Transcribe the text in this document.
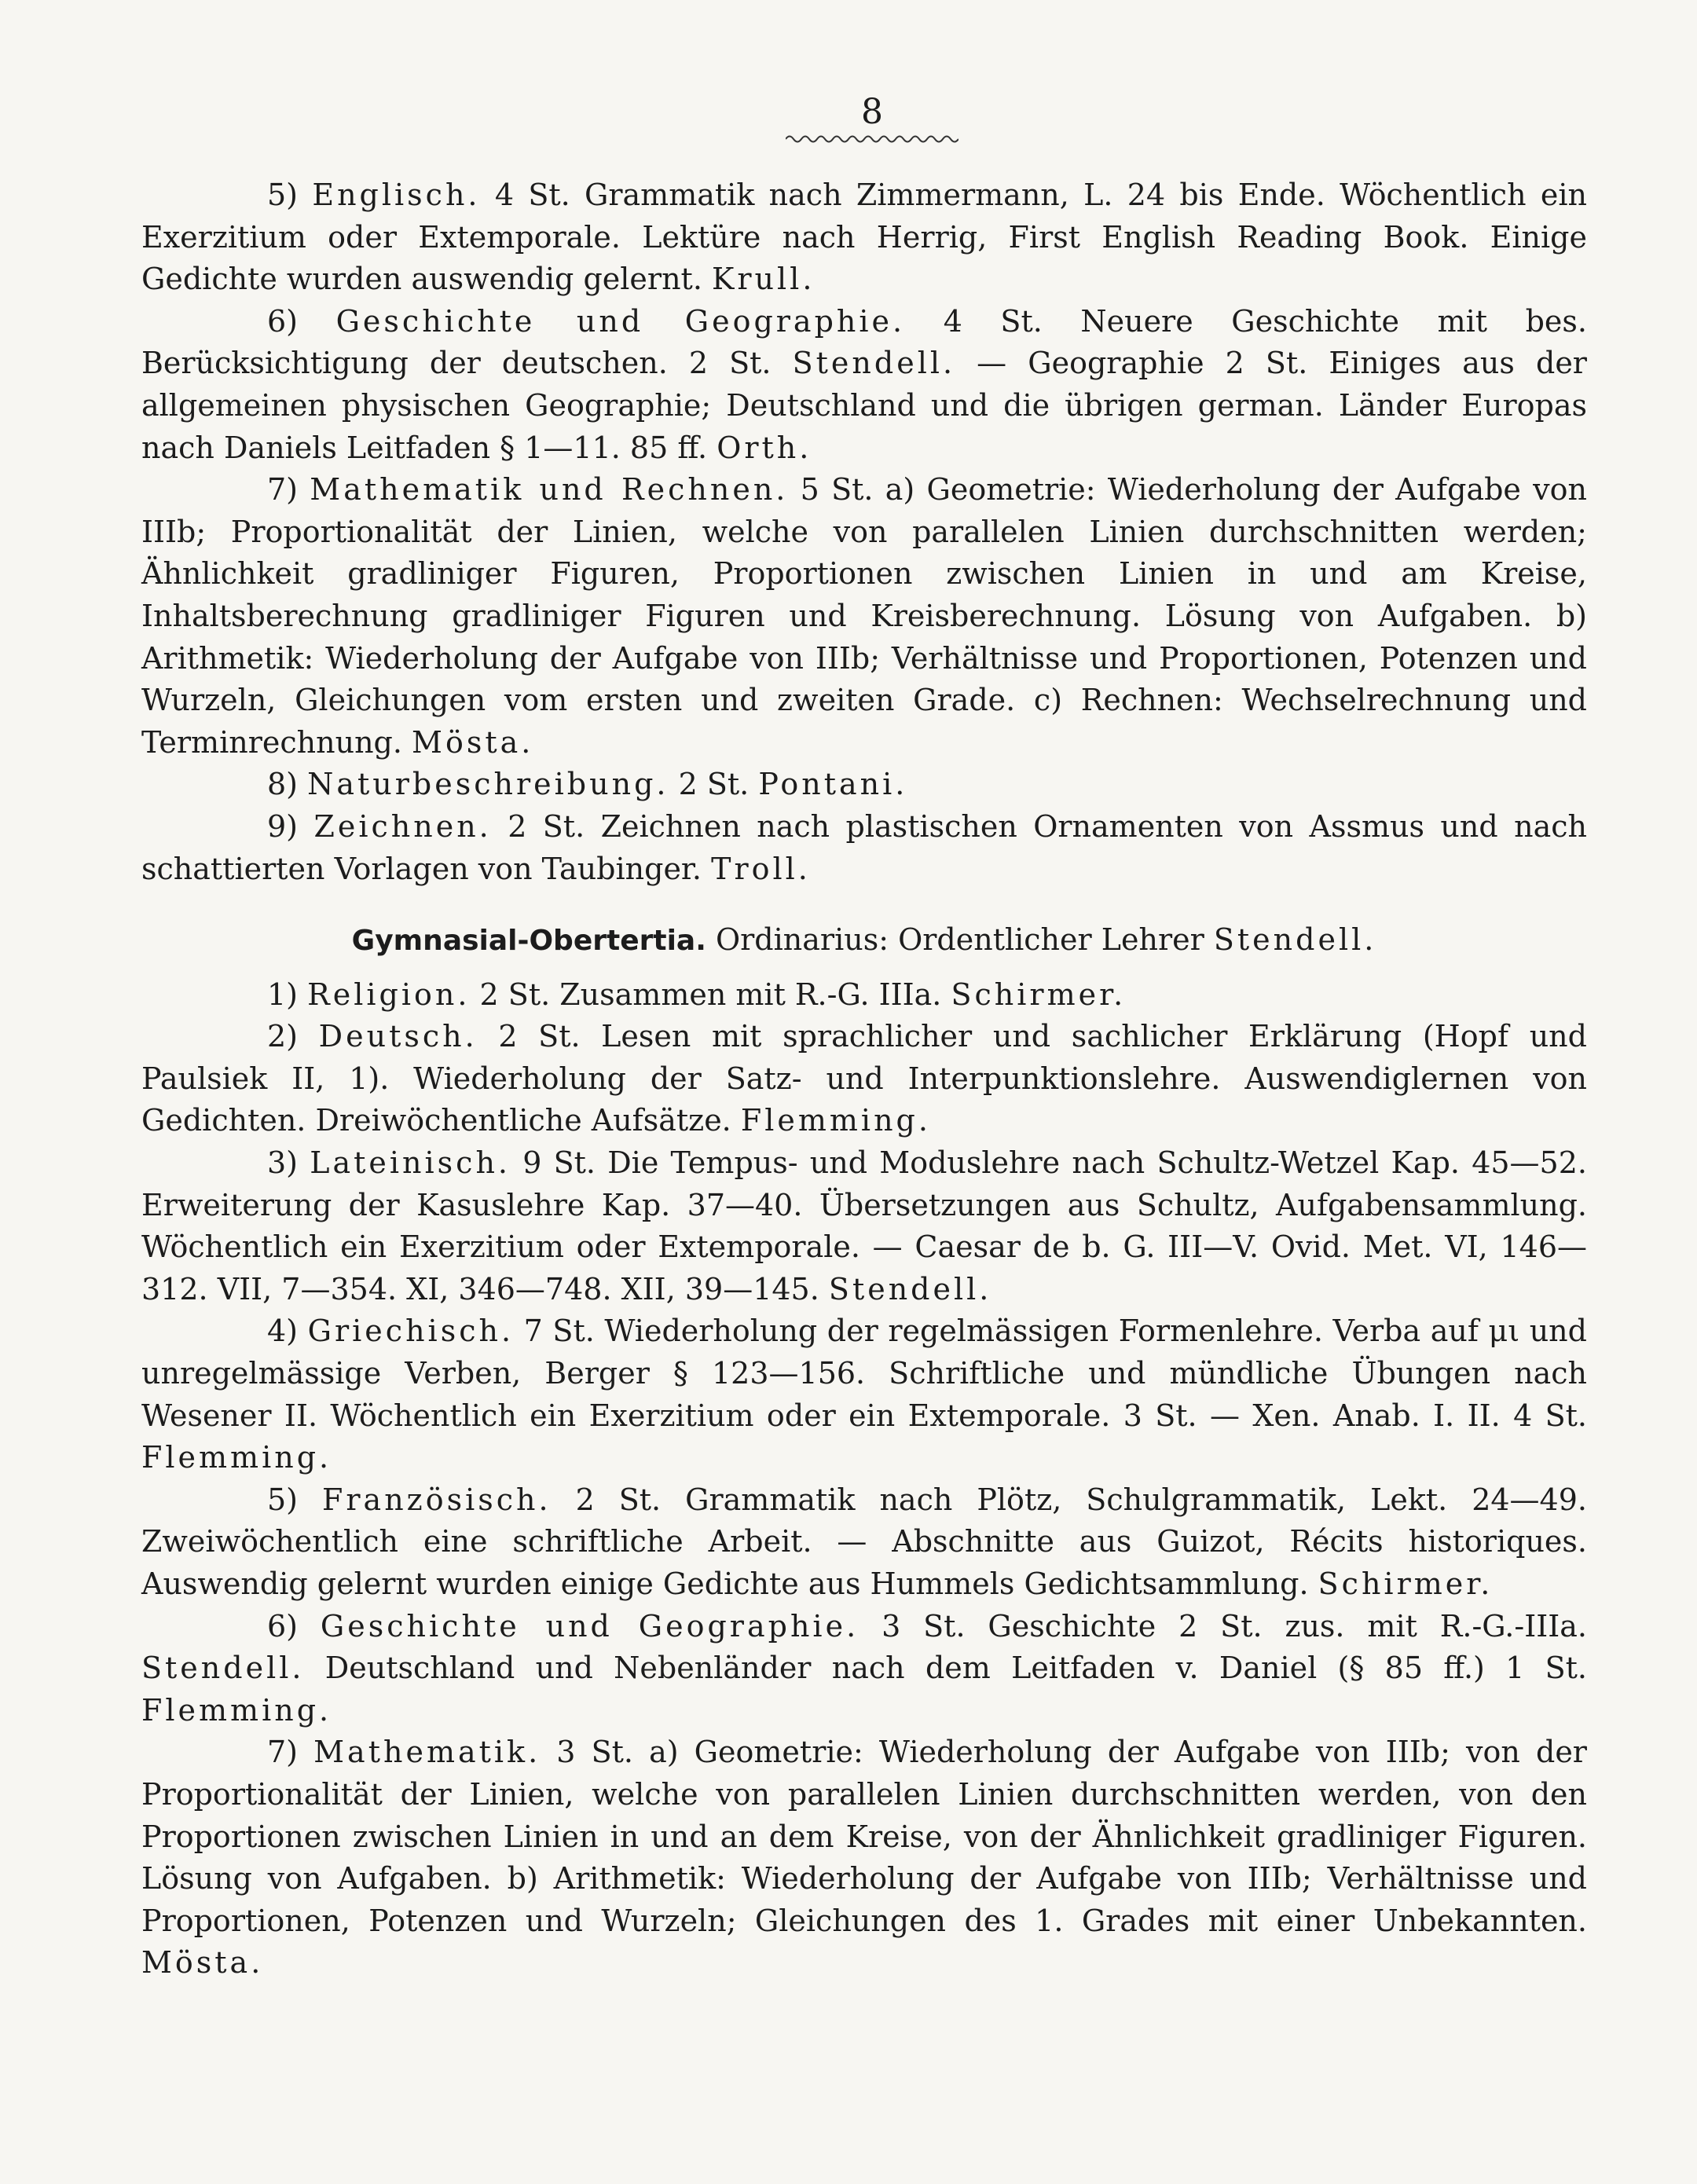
8

5) Englisch. 4 St. Grammatik nach Zimmermann, L. 24 bis Ende. Wöchentlich ein Exerzitium oder Extemporale. Lektüre nach Herrig, First English Reading Book. Einige Gedichte wurden auswendig gelernt. Krull.

6) Geschichte und Geographie. 4 St. Neuere Geschichte mit bes. Berücksichtigung der deutschen. 2 St. Stendell. — Geographie 2 St. Einiges aus der allgemeinen physischen Geographie; Deutschland und die übrigen german. Länder Europas nach Daniels Leitfaden § 1—11. 85 ff. Orth.

7) Mathematik und Rechnen. 5 St. a) Geometrie: Wiederholung der Aufgabe von IIIb; Proportionalität der Linien, welche von parallelen Linien durchschnitten werden; Ähnlichkeit gradliniger Figuren, Proportionen zwischen Linien in und am Kreise, Inhaltsberechnung gradliniger Figuren und Kreisberechnung. Lösung von Aufgaben. b) Arithmetik: Wiederholung der Aufgabe von IIIb; Verhältnisse und Proportionen, Potenzen und Wurzeln, Gleichungen vom ersten und zweiten Grade. c) Rechnen: Wechselrechnung und Terminrechnung. Mösta.

8) Naturbeschreibung. 2 St. Pontani.

9) Zeichnen. 2 St. Zeichnen nach plastischen Ornamenten von Assmus und nach schattierten Vorlagen von Taubinger. Troll.

Gymnasial-Obertertia. Ordinarius: Ordentlicher Lehrer Stendell.

1) Religion. 2 St. Zusammen mit R.-G. IIIa. Schirmer.

2) Deutsch. 2 St. Lesen mit sprachlicher und sachlicher Erklärung (Hopf und Paulsiek II, 1). Wiederholung der Satz- und Interpunktionslehre. Auswendiglernen von Gedichten. Dreiwöchentliche Aufsätze. Flemming.

3) Lateinisch. 9 St. Die Tempus- und Moduslehre nach Schultz-Wetzel Kap. 45—52. Erweiterung der Kasuslehre Kap. 37—40. Übersetzungen aus Schultz, Aufgabensammlung. Wöchentlich ein Exerzitium oder Extemporale. — Caesar de b. G. III—V. Ovid. Met. VI, 146—312. VII, 7—354. XI, 346—748. XII, 39—145. Stendell.

4) Griechisch. 7 St. Wiederholung der regelmässigen Formenlehre. Verba auf μι und unregelmässige Verben, Berger § 123—156. Schriftliche und mündliche Übungen nach Wesener II. Wöchentlich ein Exerzitium oder ein Extemporale. 3 St. — Xen. Anab. I. II. 4 St. Flemming.

5) Französisch. 2 St. Grammatik nach Plötz, Schulgrammatik, Lekt. 24—49. Zweiwöchentlich eine schriftliche Arbeit. — Abschnitte aus Guizot, Récits historiques. Auswendig gelernt wurden einige Gedichte aus Hummels Gedichtsammlung. Schirmer.

6) Geschichte und Geographie. 3 St. Geschichte 2 St. zus. mit R.-G.-IIIa. Stendell. Deutschland und Nebenländer nach dem Leitfaden v. Daniel (§ 85 ff.) 1 St. Flemming.

7) Mathematik. 3 St. a) Geometrie: Wiederholung der Aufgabe von IIIb; von der Proportionalität der Linien, welche von parallelen Linien durchschnitten werden, von den Proportionen zwischen Linien in und an dem Kreise, von der Ähnlichkeit gradliniger Figuren. Lösung von Aufgaben. b) Arithmetik: Wiederholung der Aufgabe von IIIb; Verhältnisse und Proportionen, Potenzen und Wurzeln; Gleichungen des 1. Grades mit einer Unbekannten. Mösta.
